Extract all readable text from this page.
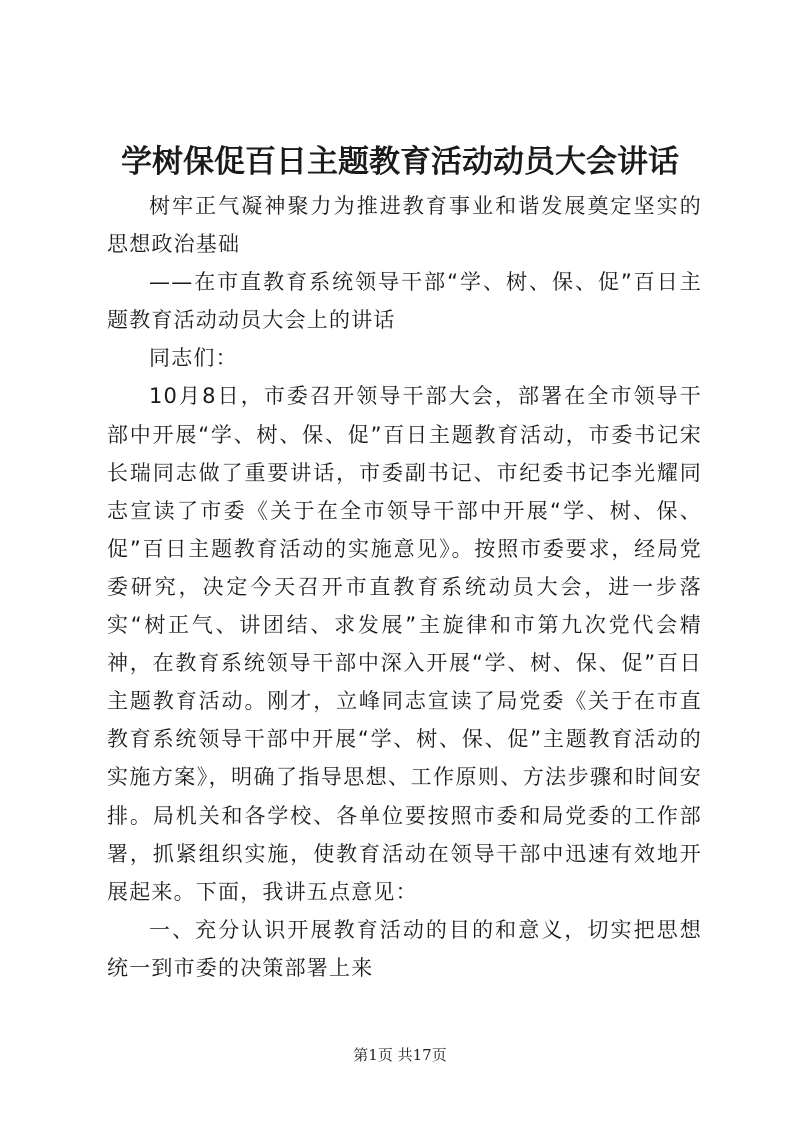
学树保促百日主题教育活动动员大会讲话

树牢正气凝神聚力为推进教育事业和谐发展奠定坚实的思想政治基础

——在市直教育系统领导干部“学、树、保、促”百日主题教育活动动员大会上的讲话

同志们：

10月8日，市委召开领导干部大会，部署在全市领导干部中开展“学、树、保、促”百日主题教育活动，市委书记宋长瑞同志做了重要讲话，市委副书记、市纪委书记李光耀同志宣读了市委《关于在全市领导干部中开展“学、树、保、促”百日主题教育活动的实施意见》。按照市委要求，经局党委研究，决定今天召开市直教育系统动员大会，进一步落实“树正气、讲团结、求发展”主旋律和市第九次党代会精神，在教育系统领导干部中深入开展“学、树、保、促”百日主题教育活动。刚才，立峰同志宣读了局党委《关于在市直教育系统领导干部中开展“学、树、保、促”主题教育活动的实施方案》，明确了指导思想、工作原则、方法步骤和时间安排。局机关和各学校、各单位要按照市委和局党委的工作部署，抓紧组织实施，使教育活动在领导干部中迅速有效地开展起来。下面，我讲五点意见：

一、充分认识开展教育活动的目的和意义，切实把思想统一到市委的决策部署上来

第1页 共17页
